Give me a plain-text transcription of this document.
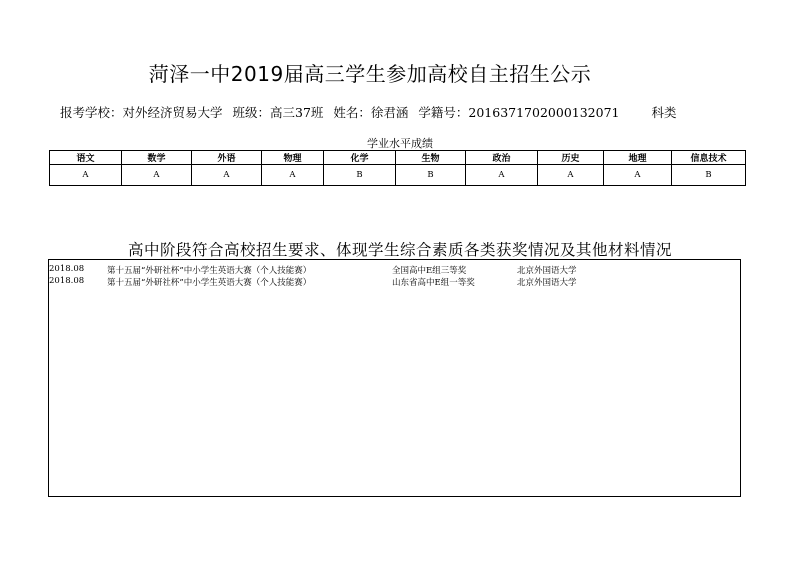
菏泽一中2019届高三学生参加高校自主招生公示
报考学校：对外经济贸易大学 班级：高三37班 姓名：徐君涵 学籍号：2016371702000132071	科类
学业水平成绩
语文	数学	外语	物理	化学	生物	政治	历史	地理	信息技术
A	A	A	A	B	B	A	A	A	B
高中阶段符合高校招生要求、体现学生综合素质各类获奖情况及其他材料情况
2018.08	第十五届“外研社杯”中小学生英语大赛（个人技能赛）	全国高中E组三等奖	北京外国语大学
2018.08	第十五届“外研社杯”中小学生英语大赛（个人技能赛）	山东省高中E组一等奖	北京外国语大学
